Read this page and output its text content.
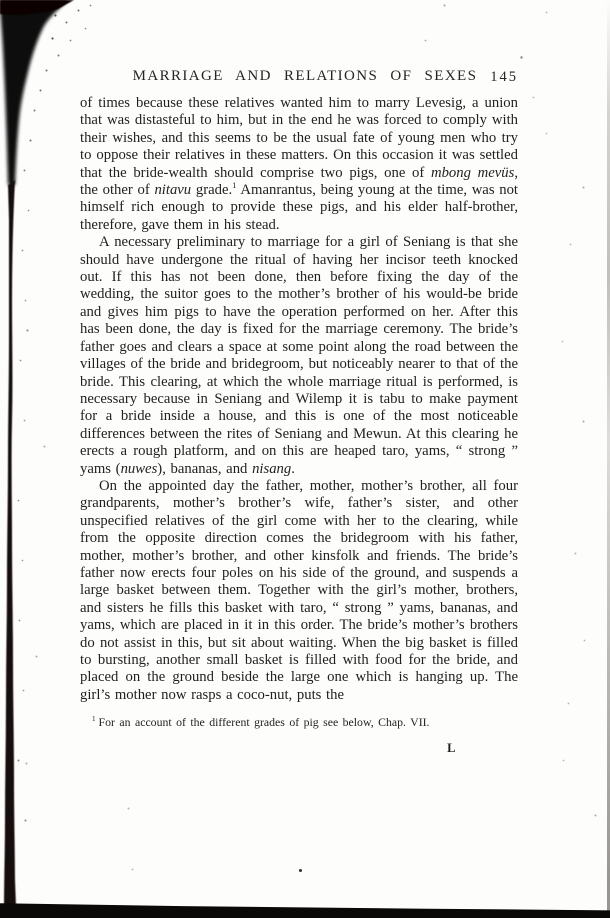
MARRIAGE AND RELATIONS OF SEXES 145

of times because these relatives wanted him to marry Levesig, a union that was distasteful to him, but in the end he was forced to comply with their wishes, and this seems to be the usual fate of young men who try to oppose their relatives in these matters. On this occasion it was settled that the bride-wealth should comprise two pigs, one of mbong mevüs, the other of nitavu grade.$^1$ Amanrantus, being young at the time, was not himself rich enough to provide these pigs, and his elder half-brother, therefore, gave them in his stead.

A necessary preliminary to marriage for a girl of Seniang is that she should have undergone the ritual of having her incisor teeth knocked out. If this has not been done, then before fixing the day of the wedding, the suitor goes to the mother’s brother of his would-be bride and gives him pigs to have the operation performed on her. After this has been done, the day is fixed for the marriage ceremony. The bride’s father goes and clears a space at some point along the road between the villages of the bride and bridegroom, but noticeably nearer to that of the bride. This clearing, at which the whole marriage ritual is performed, is necessary because in Seniang and Wilemp it is tabu to make payment for a bride inside a house, and this is one of the most noticeable differences between the rites of Seniang and Mewun. At this clearing he erects a rough platform, and on this are heaped taro, yams, “ strong ” yams (nuwes), bananas, and nisang.

On the appointed day the father, mother, mother’s brother, all four grandparents, mother’s brother’s wife, father’s sister, and other unspecified relatives of the girl come with her to the clearing, while from the opposite direction comes the bridegroom with his father, mother, mother’s brother, and other kinsfolk and friends. The bride’s father now erects four poles on his side of the ground, and suspends a large basket between them. Together with the girl’s mother, brothers, and sisters he fills this basket with taro, “ strong ” yams, bananas, and yams, which are placed in it in this order. The bride’s mother’s brothers do not assist in this, but sit about waiting. When the big basket is filled to bursting, another small basket is filled with food for the bride, and placed on the ground beside the large one which is hanging up. The girl’s mother now rasps a coco-nut, puts the

$^1$ For an account of the different grades of pig see below, Chap. VII.
L
